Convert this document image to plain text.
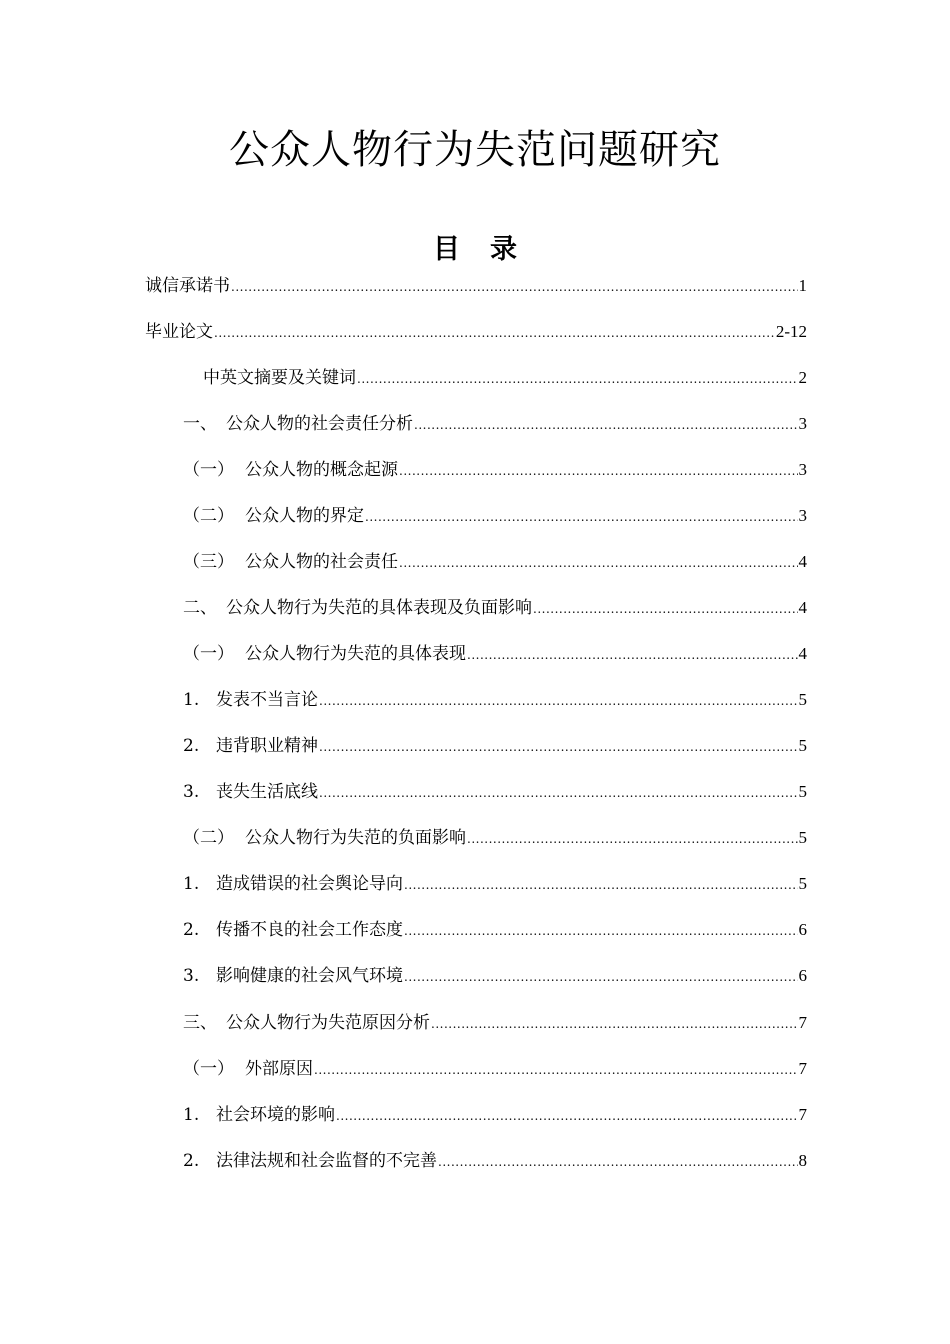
公众人物行为失范问题研究
目录
诚信承诺书 .....	1
毕业论文 .....	2-12
中英文摘要及关键词 .....	2
一、 公众人物的社会责任分析 .....	3
（一） 公众人物的概念起源 .....	3
（二） 公众人物的界定 .....	3
（三） 公众人物的社会责任 .....	4
二、 公众人物行为失范的具体表现及负面影响 .....	4
（一） 公众人物行为失范的具体表现 .....	4
1. 发表不当言论 .....	5
2. 违背职业精神 .....	5
3. 丧失生活底线 .....	5
（二） 公众人物行为失范的负面影响 .....	5
1. 造成错误的社会舆论导向 .....	5
2. 传播不良的社会工作态度 .....	6
3. 影响健康的社会风气环境 .....	6
三、 公众人物行为失范原因分析 .....	7
（一） 外部原因 .....	7
1. 社会环境的影响 .....	7
2. 法律法规和社会监督的不完善 .....	8
